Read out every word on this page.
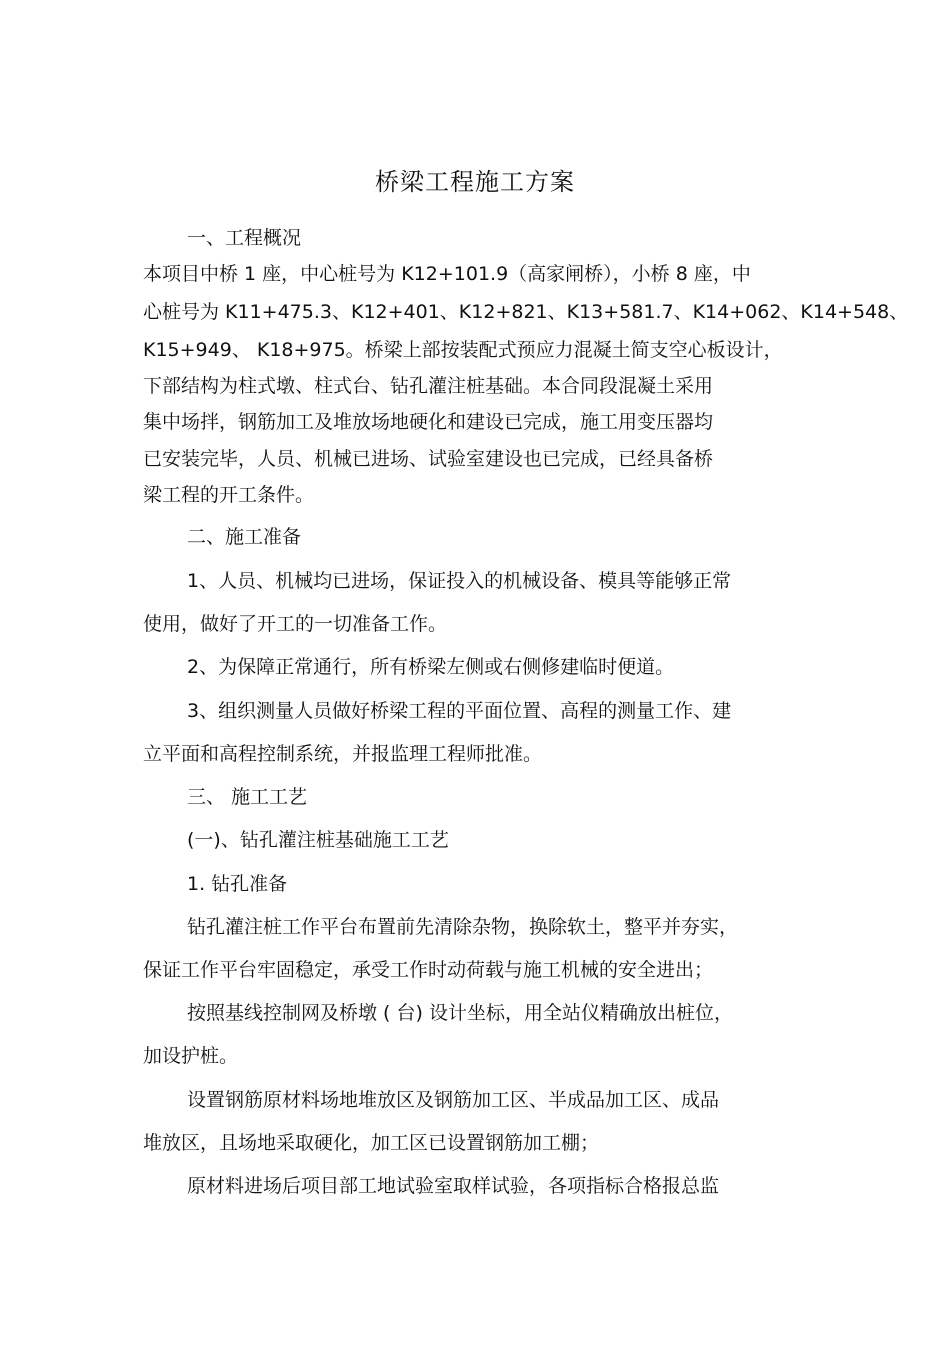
桥梁工程施工方案
一、工程概况
本项目中桥 1 座，中心桩号为 K12+101.9（高家闸桥），小桥 8 座，中
心桩号为 K11+475.3、K12+401、K12+821、K13+581.7、K14+062、K14+548、
K15+949、 K18+975。桥梁上部按装配式预应力混凝土简支空心板设计，
下部结构为柱式墩、柱式台、钻孔灌注桩基础。本合同段混凝土采用
集中场拌，钢筋加工及堆放场地硬化和建设已完成，施工用变压器均
已安装完毕，人员、机械已进场、试验室建设也已完成，已经具备桥
梁工程的开工条件。
二、施工准备
1、人员、机械均已进场，保证投入的机械设备、模具等能够正常
使用，做好了开工的一切准备工作。
2、为保障正常通行，所有桥梁左侧或右侧修建临时便道。
3、组织测量人员做好桥梁工程的平面位置、高程的测量工作、建
立平面和高程控制系统，并报监理工程师批准。
三、 施工工艺
(一)、钻孔灌注桩基础施工工艺
1. 钻孔准备
钻孔灌注桩工作平台布置前先清除杂物，换除软土，整平并夯实，
保证工作平台牢固稳定，承受工作时动荷载与施工机械的安全进出；
按照基线控制网及桥墩 ( 台) 设计坐标，用全站仪精确放出桩位，
加设护桩。
设置钢筋原材料场地堆放区及钢筋加工区、半成品加工区、成品
堆放区，且场地采取硬化，加工区已设置钢筋加工棚；
原材料进场后项目部工地试验室取样试验，各项指标合格报总监
